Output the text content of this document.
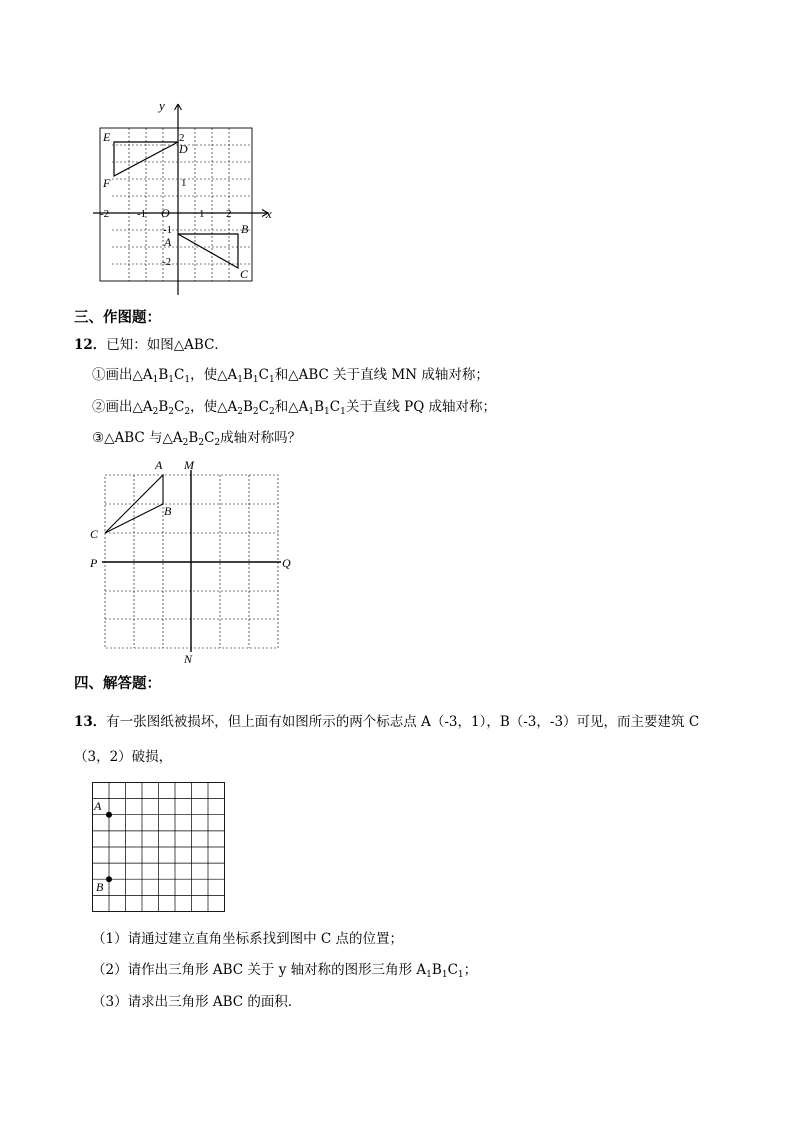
y
x
O
-2	-1	1 2
2
1
-1
-2
E
D
F
A
B
C
三、作图题：
12．已知：如图△ABC．
①画出$\triangle A_1B_1C_1$，使$\triangle A_1B_1C_1$和△ABC 关于直线 MN 成轴对称；
②画出$\triangle A_2B_2C_2$，使$\triangle A_2B_2C_2$和$\triangle A_1B_1C_1$关于直线 PQ 成轴对称；
③△ABC 与$\triangle A_2B_2C_2$成轴对称吗？
A
B
C
M
N
P	Q
四、解答题：
13．有一张图纸被损坏，但上面有如图所示的两个标志点 A（-3，1），B（-3，-3）可见，而主要建筑 C
（3，2）破损，
A
B
（1）请通过建立直角坐标系找到图中 C 点的位置；
（2）请作出三角形 ABC 关于 y 轴对称的图形三角形 $A_1B_1C_1$；
（3）请求出三角形 ABC 的面积．
